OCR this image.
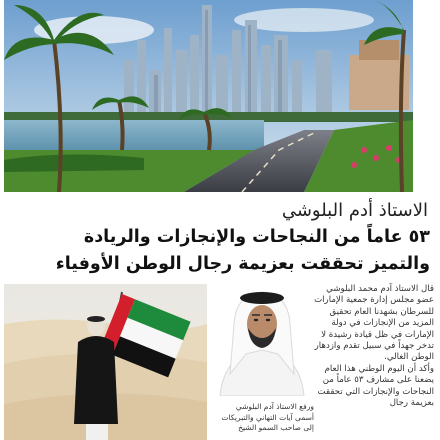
الاستاذ أدم البلوشي
٥٣ عاماً من النجاحات والإنجازات والريادة
والتميز تحققت بعزيمة رجال الوطن الأوفياء

قال الاستاذ آدم محمد البلوشي عضو مجلس إدارة جمعية الإمارات للسرطان بشهدنا العام تحقيق المزيد من الإنجازات في دولة الإمارات في ظل قيادة رشيدة لا تدخر جهداً في سبيل تقدم وازدهار الوطن الغالي.

وأكد أن اليوم الوطني هذا العام يضعنا على مشارف ٥٣ عاماً من النجاحات والإنجازات التي تحققت بعزيمة رجال

ورفع الاستاذ آدم البلوشي

أسمى آيات التهاني والتبريكات

إلى صاحب السمو الشيخ
